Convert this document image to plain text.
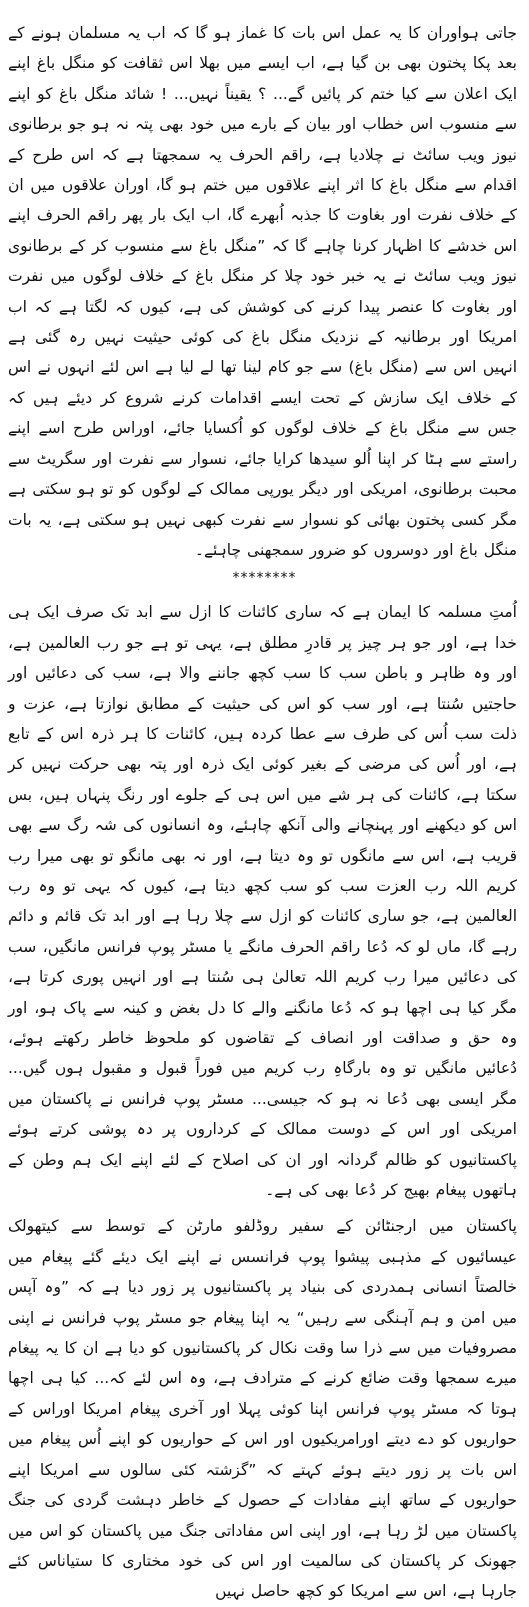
جاتی ہواوران کا یہ عمل اس بات کا غماز ہو گا کہ اب یہ مسلمان ہونے کے بعد پکا پختون بھی بن گیا ہے، اب ایسے میں بھلا اس ثقافت کو منگل باغ اپنے ایک اعلان سے کیا ختم کر پائیں گے... ؟ یقیناً نہیں... ! شائد منگل باغ کو اپنے سے منسوب اس خطاب اور بیان کے بارے میں خود بھی پتہ نہ ہو جو برطانوی نیوز ویب سائٹ نے چلادیا ہے، راقم الحرف یہ سمجھتا ہے کہ اس طرح کے اقدام سے منگل باغ کا اثر اپنے علاقوں میں ختم ہو گا، اوران علاقوں میں ان کے خلاف نفرت اور بغاوت کا جذبہ اُبھرے گا، اب ایک بار پھر راقم الحرف اپنے اس خدشے کا اظہار کرنا چاہے گا کہ ”منگل باغ سے منسوب کر کے برطانوی نیوز ویب سائٹ نے یہ خبر خود چلا کر منگل باغ کے خلاف لوگوں میں نفرت اور بغاوت کا عنصر پیدا کرنے کی کوشش کی ہے، کیوں کہ لگتا ہے کہ اب امریکا اور برطانیہ کے نزدیک منگل باغ کی کوئی حیثیت نہیں رہ گئی ہے انہیں اس سے (منگل باغ) سے جو کام لینا تھا لے لیا ہے اس لئے انہوں نے اس کے خلاف ایک سازش کے تحت ایسے اقدامات کرنے شروع کر دیئے ہیں کہ جس سے منگل باغ کے خلاف لوگوں کو اُکسایا جائے، اوراس طرح اسے اپنے راستے سے ہٹا کر اپنا اُلو سیدھا کرایا جائے، نسوار سے نفرت اور سگریٹ سے محبت برطانوی، امریکی اور دیگر یورپی ممالک کے لوگوں کو تو ہو سکتی ہے مگر کسی پختون بھائی کو نسوار سے نفرت کبھی نہیں ہو سکتی ہے، یہ بات منگل باغ اور دوسروں کو ضرور سمجھنی چاہئے۔

********

اُمتِ مسلمہ کا ایمان ہے کہ ساری کائنات کا ازل سے ابد تک صرف ایک ہی خدا ہے، اور جو ہر چیز پر قادرِ مطلق ہے، یہی تو ہے جو رب العالمین ہے، اور وہ ظاہر و باطن سب کا سب کچھ جاننے والا ہے، سب کی دعائیں اور حاجتیں سُنتا ہے، اور سب کو اس کی حیثیت کے مطابق نوازتا ہے، عزت و ذلت سب اُس کی طرف سے عطا کردہ ہیں، کائنات کا ہر ذرہ اس کے تابع ہے، اور اُس کی مرضی کے بغیر کوئی ایک ذرہ اور پتہ بھی حرکت نہیں کر سکتا ہے، کائنات کی ہر شے میں اس ہی کے جلوے اور رنگ پنہاں ہیں، بس اس کو دیکھنے اور پہنچانے والی آنکھ چاہئے، وہ انسانوں کی شہ رگ سے بھی قریب ہے، اس سے مانگوں تو وہ دیتا ہے، اور نہ بھی مانگو تو بھی میرا رب کریم اللہ رب العزت سب کو سب کچھ دیتا ہے، کیوں کہ یہی تو وہ رب العالمین ہے، جو ساری کائنات کو ازل سے چلا رہا ہے اور ابد تک قائم و دائم رہے گا، ماں لو کہ دُعا راقم الحرف مانگے یا مسٹر پوپ فرانس مانگیں، سب کی دعائیں میرا رب کریم اللہ تعالیٰ ہی سُنتا ہے اور انہیں پوری کرتا ہے، مگر کیا ہی اچھا ہو کہ دُعا مانگنے والے کا دل بغض و کینہ سے پاک ہو، اور وہ حق و صداقت اور انصاف کے تقاضوں کو ملحوظ خاطر رکھتے ہوئے، دُعائیں مانگیں تو وہ بارگاہِ رب کریم میں فوراً قبول و مقبول ہوں گیں... مگر ایسی بھی دُعا نہ ہو کہ جیسی... مسٹر پوپ فرانس نے پاکستان میں امریکی اور اس کے دوست ممالک کے کرداروں پر دہ پوشی کرتے ہوئے پاکستانیوں کو ظالم گردانہ اور ان کی اصلاح کے لئے اپنے ایک ہم وطن کے ہاتھوں پیغام بھیج کر دُعا بھی کی ہے۔

پاکستان میں ارجنٹائن کے سفیر روڈلفو مارٹن کے توسط سے کیتھولک عیسائیوں کے مذہبی پیشوا پوپ فرانسس نے اپنے ایک دیئے گئے پیغام میں خالصتاً انسانی ہمدردی کی بنیاد پر پاکستانیوں پر زور دیا ہے کہ ”وہ آپس میں امن و ہم آہنگی سے رہیں“ یہ اپنا پیغام جو مسٹر پوپ فرانس نے اپنی مصروفیات میں سے ذرا سا وقت نکال کر پاکستانیوں کو دیا ہے ان کا یہ پیغام میرے سمجھا وقت ضائع کرنے کے مترادف ہے، وہ اس لئے کہ... کیا ہی اچھا ہوتا کہ مسٹر پوپ فرانس اپنا کوئی پہلا اور آخری پیغام امریکا اوراس کے حواریوں کو دے دیتے اورامریکیوں اور اس کے حواریوں کو اپنے اُس پیغام میں اس بات پر زور دیتے ہوئے کہتے کہ ”گزشتہ کئی سالوں سے امریکا اپنے حواریوں کے ساتھ اپنے مفادات کے حصول کے خاطر دہشت گردی کی جنگ پاکستان میں لڑ رہا ہے، اور اپنی اس مفاداتی جنگ میں پاکستان کو اس میں جھونک کر پاکستان کی سالمیت اور اس کی خود مختاری کا ستیاناس کئے جارہا ہے، اس سے امریکا کو کچھ حاصل نہیں
